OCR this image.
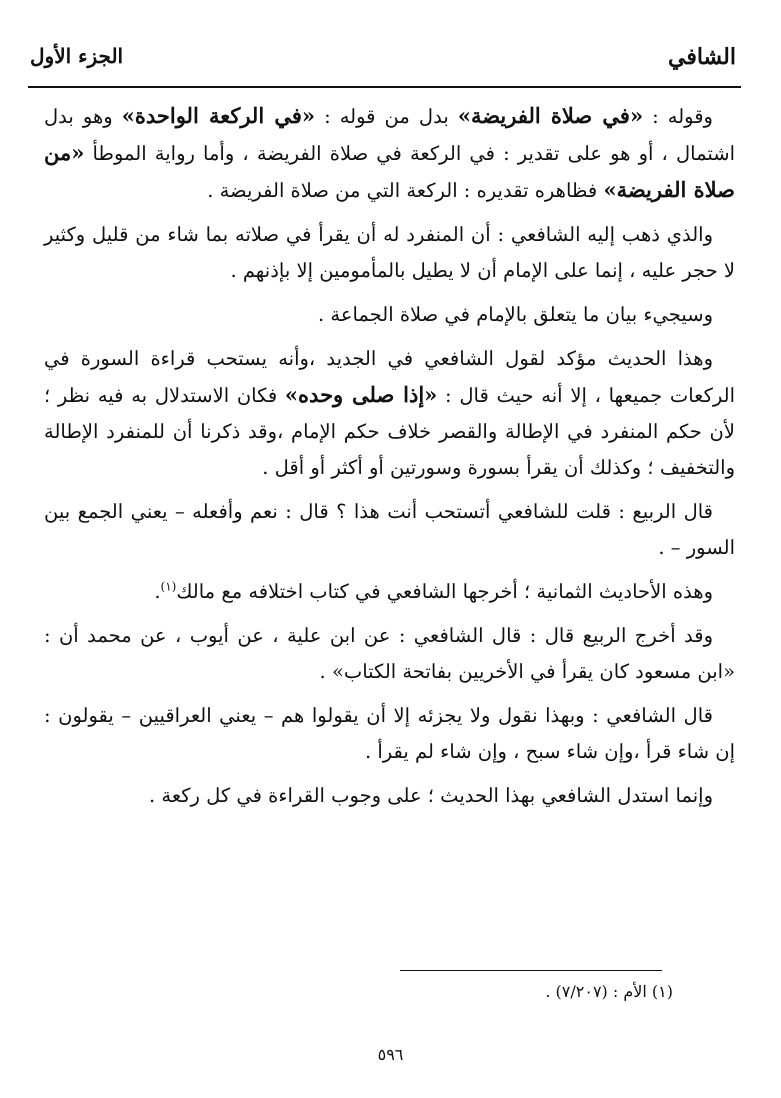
الشافي
الجزء الأول

وقوله : «في صلاة الفريضة» بدل من قوله : «في الركعة الواحدة» وهو بدل اشتمال ، أو هو على تقدير : في الركعة في صلاة الفريضة ، وأما رواية الموطأ «من صلاة الفريضة» فظاهره تقديره : الركعة التي من صلاة الفريضة .

والذي ذهب إليه الشافعي : أن المنفرد له أن يقرأ في صلاته بما شاء من قليل وكثير لا حجر عليه ، إنما على الإمام أن لا يطيل بالمأمومين إلا بإذنهم .

وسيجيء بيان ما يتعلق بالإمام في صلاة الجماعة .

وهذا الحديث مؤكد لقول الشافعي في الجديد ،وأنه يستحب قراءة السورة في الركعات جميعها ، إلا أنه حيث قال : «إذا صلى وحده» فكان الاستدلال به فيه نظر ؛ لأن حكم المنفرد في الإطالة والقصر خلاف حكم الإمام ،وقد ذكرنا أن للمنفرد الإطالة والتخفيف ؛ وكذلك أن يقرأ بسورة وسورتين أو أكثر أو أقل .

قال الربيع : قلت للشافعي أتستحب أنت هذا ؟ قال : نعم وأفعله – يعني الجمع بين السور – .

وهذه الأحاديث الثمانية ؛ أخرجها الشافعي في كتاب اختلافه مع مالك$^{(١)}$.

وقد أخرج الربيع قال : قال الشافعي : عن ابن علية ، عن أيوب ، عن محمد أن : «ابن مسعود كان يقرأ في الأخريين بفاتحة الكتاب» .

قال الشافعي : وبهذا نقول ولا يجزئه إلا أن يقولوا هم – يعني العراقيين – يقولون : إن شاء قرأ ،وإن شاء سبح ، وإن شاء لم يقرأ .

وإنما استدل الشافعي بهذا الحديث ؛ على وجوب القراءة في كل ركعة .

(١) الأم : (٧/٢٠٧) .
٥٩٦
